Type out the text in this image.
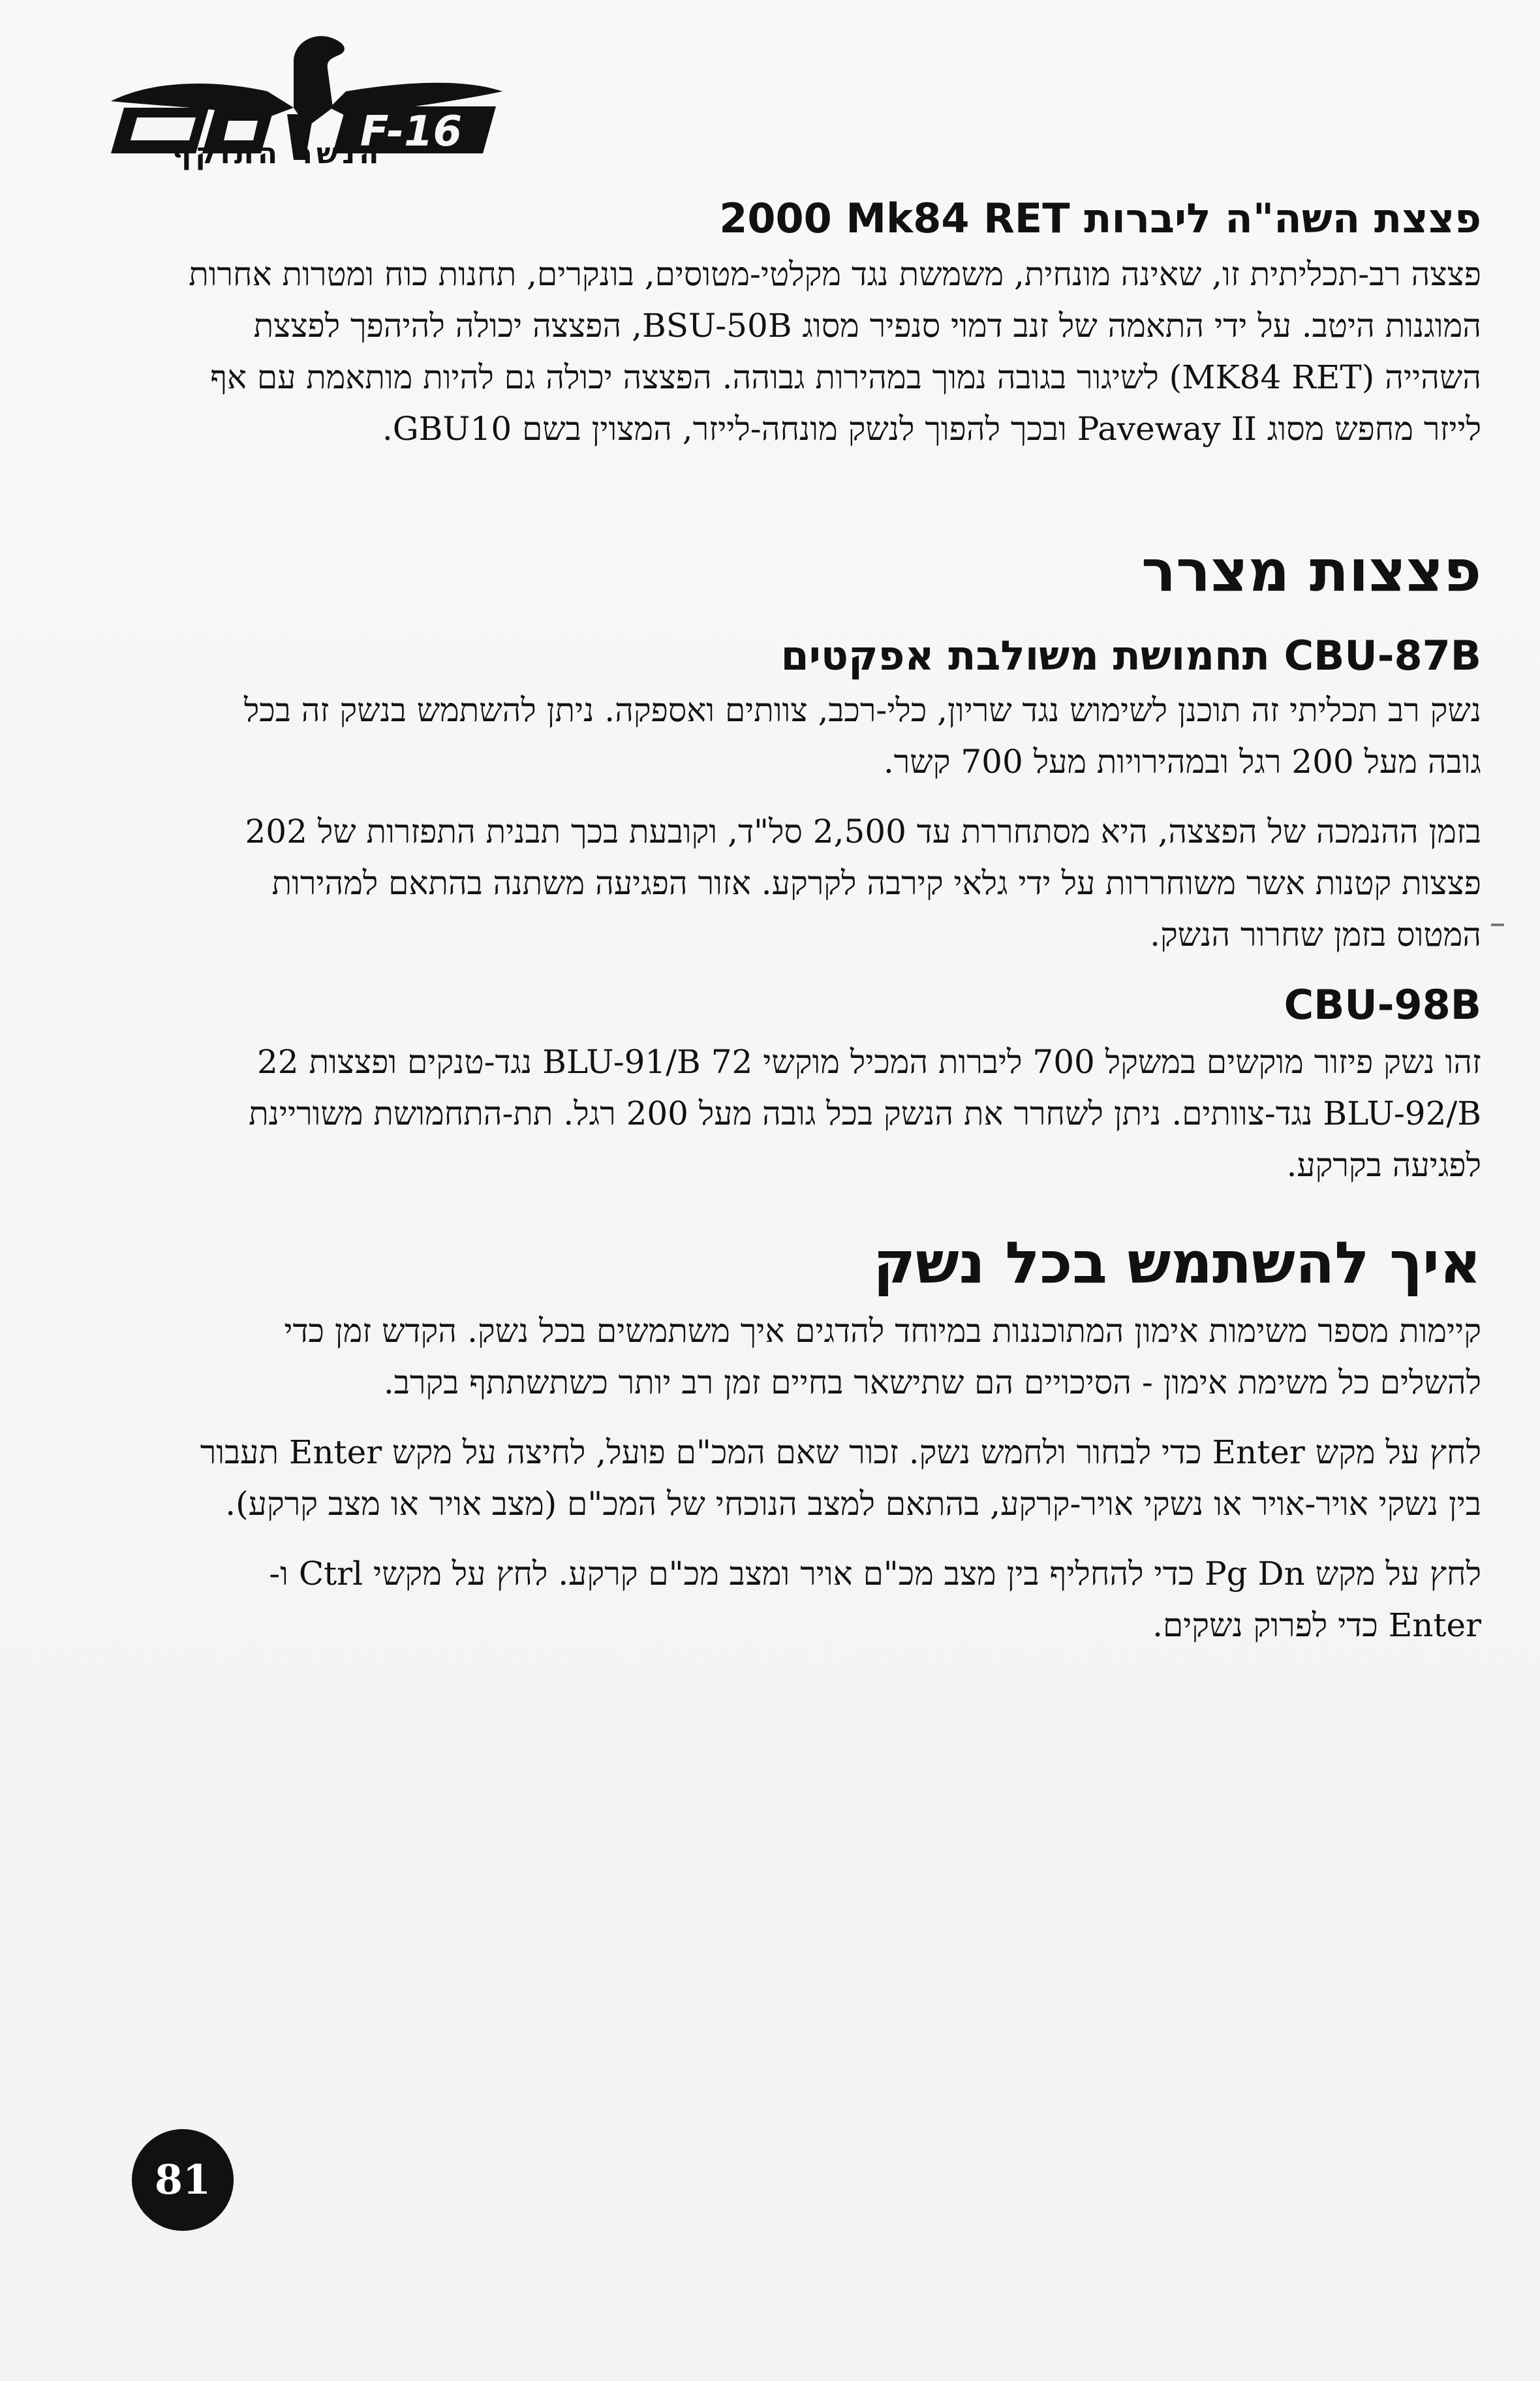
F-16
הנשר התוקף
פצצת השה"ה ליברות 2000 Mk84 RET

פצצה רב-תכליתית זו, שאינה מונחית, משמשת נגד מקלטי-מטוסים, בונקרים, תחנות כוח ומטרות אחרות המוגנות היטב. על ידי התאמה של זנב דמוי סנפיר מסוג BSU-50B, הפצצה יכולה להיהפך לפצצת השהייה (MK84 RET) לשיגור בגובה נמוך במהירות גבוהה. הפצצה יכולה גם להיות מותאמת עם אף לייזר מחפש מסוג Paveway II ובכך להפוך לנשק מונחה-לייזר, המצוין בשם GBU10.

פצצות מצרר
CBU-87B תחמושת משולבת אפקטים

נשק רב תכליתי זה תוכנן לשימוש נגד שריון, כלי-רכב, צוותים ואספקה. ניתן להשתמש בנשק זה בכל גובה מעל 200 רגל ובמהירויות מעל 700 קשר.

בזמן ההנמכה של הפצצה, היא מסתחררת עד 2,500 סל"ד, וקובעת בכך תבנית התפזרות של 202 פצצות קטנות אשר משוחררות על ידי גלאי קירבה לקרקע. אזור הפגיעה משתנה בהתאם למהירות המטוס בזמן שחרור הנשק.

CBU-98B

זהו נשק פיזור מוקשים במשקל 700 ליברות המכיל מוקשי 72 BLU-91/B נגד-טנקים ופצצות 22 BLU-92/B נגד-צוותים. ניתן לשחרר את הנשק בכל גובה מעל 200 רגל. תת-התחמושת משוריינת לפגיעה בקרקע.

איך להשתמש בכל נשק

קיימות מספר משימות אימון המתוכננות במיוחד להדגים איך משתמשים בכל נשק. הקדש זמן כדי להשלים כל משימת אימון - הסיכויים הם שתישאר בחיים זמן רב יותר כשתשתתף בקרב.

לחץ על מקש Enter כדי לבחור ולחמש נשק. זכור שאם המכ"ם פועל, לחיצה על מקש Enter תעבור בין נשקי אויר-אויר או נשקי אויר-קרקע, בהתאם למצב הנוכחי של המכ"ם (מצב אויר או מצב קרקע).

לחץ על מקש Pg Dn כדי להחליף בין מצב מכ"ם אויר ומצב מכ"ם קרקע. לחץ על מקשי Ctrl ו-Enter כדי לפרוק נשקים.

81
